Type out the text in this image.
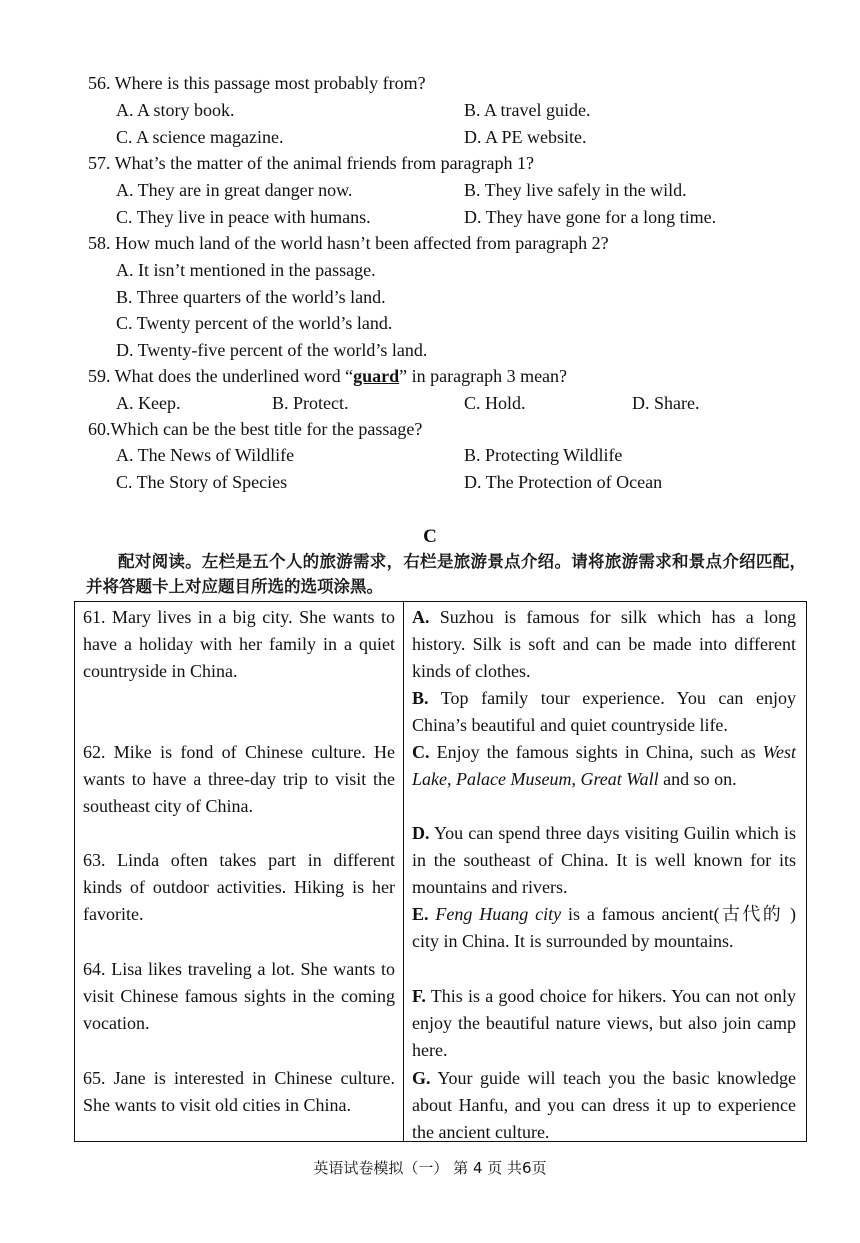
56. Where is this passage most probably from?
A. A story book.	B. A travel guide.
C. A science magazine.	D. A PE website.
57. What’s the matter of the animal friends from paragraph 1?
A. They are in great danger now.	B. They live safely in the wild.
C. They live in peace with humans.	D. They have gone for a long time.
58. How much land of the world hasn’t been affected from paragraph 2?
A. It isn’t mentioned in the passage.
B. Three quarters of the world’s land.
C. Twenty percent of the world’s land.
D. Twenty-five percent of the world’s land.
59. What does the underlined word “guard” in paragraph 3 mean?
A. Keep.	B. Protect.	C. Hold.	D. Share.
60.Which can be the best title for the passage?
A. The News of Wildlife	B. Protecting Wildlife
C. The Story of Species	D. The Protection of Ocean
C
配对阅读。左栏是五个人的旅游需求，右栏是旅游景点介绍。请将旅游需求和景点介绍匹配，并将答题卡上对应题目所选的选项涂黑。
61. Mary lives in a big city. She wants to have a holiday with her family in a quiet countryside in China.
62. Mike is fond of Chinese culture. He wants to have a three-day trip to visit the southeast city of China.
63. Linda often takes part in different kinds of outdoor activities. Hiking is her favorite.
64. Lisa likes traveling a lot. She wants to visit Chinese famous sights in the coming vocation.
65. Jane is interested in Chinese culture. She wants to visit old cities in China.

A. Suzhou is famous for silk which has a long history. Silk is soft and can be made into different kinds of clothes.
B. Top family tour experience. You can enjoy China’s beautiful and quiet countryside life.
C. Enjoy the famous sights in China, such as West Lake, Palace Museum, Great Wall and so on.
D. You can spend three days visiting Guilin which is in the southeast of China. It is well known for its mountains and rivers.
E. Feng Huang city is a famous ancient(古代的 ) city in China. It is surrounded by mountains.
F. This is a good choice for hikers. You can not only enjoy the beautiful nature views, but also join camp here.
G. Your guide will teach you the basic knowledge about Hanfu, and you can dress it up to experience the ancient culture.
英语试卷模拟（一） 第 4 页 共6页
